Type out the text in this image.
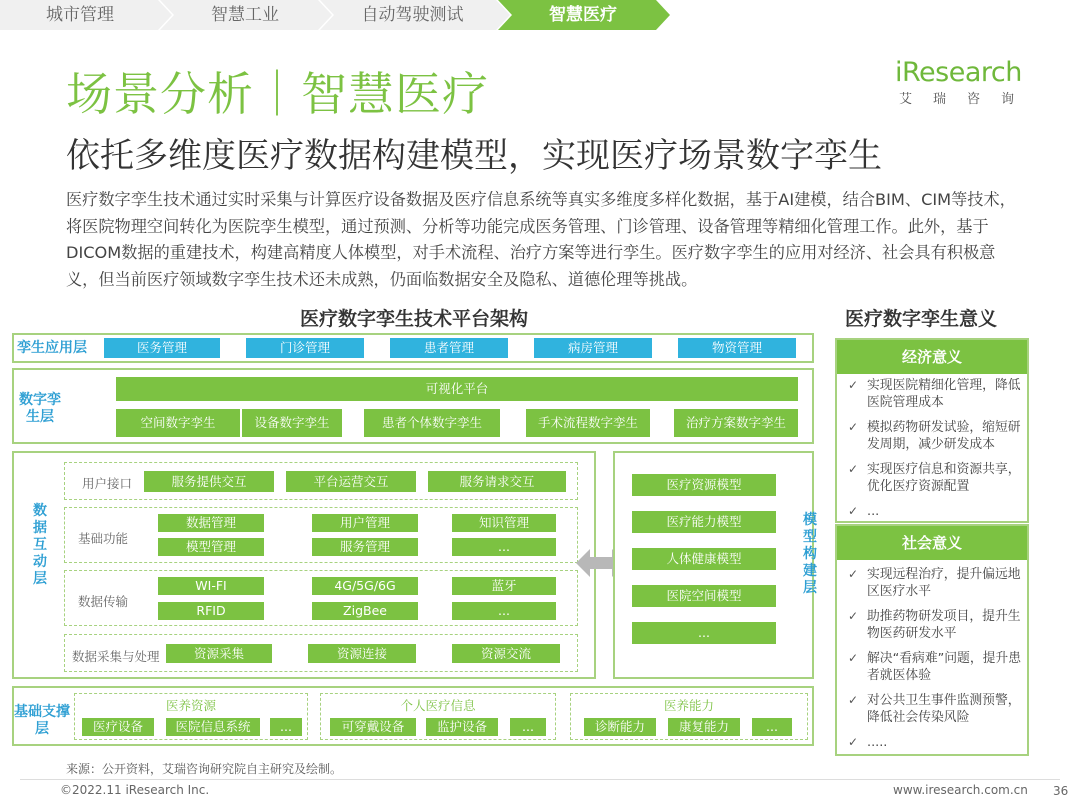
城市管理	智慧工业	自动驾驶测试	智慧医疗
场景分析｜智慧医疗
依托多维度医疗数据构建模型，实现医疗场景数字孪生
iResearch
艾瑞咨询
医疗数字孪生技术通过实时采集与计算医疗设备数据及医疗信息系统等真实多维度多样化数据，基于AI建模，结合BIM、CIM等技术，将医院物理空间转化为医院孪生模型，通过预测、分析等功能完成医务管理、门诊管理、设备管理等精细化管理工作。此外，基于DICOM数据的重建技术，构建高精度人体模型，对手术流程、治疗方案等进行孪生。医疗数字孪生的应用对经济、社会具有积极意义，但当前医疗领域数字孪生技术还未成熟，仍面临数据安全及隐私、道德伦理等挑战。
医疗数字孪生技术平台架构
孪生应用层	医务管理	门诊管理	患者管理	病房管理	物资管理
数字孪生层
可视化平台
空间数字孪生	设备数字孪生	患者个体数字孪生	手术流程数字孪生	治疗方案数字孪生
数据互动层
用户接口	服务提供交互	平台运营交互	服务请求交互
基础功能
数据管理	用户管理	知识管理
模型管理	服务管理	...
数据传输
WI-FI	4G/5G/6G	蓝牙
RFID	ZigBee	...
数据采集与处理	资源采集	资源连接	资源交流
模型构建层
医疗资源模型
医疗能力模型
人体健康模型
医院空间模型
...
基础支撑层
医养资源
医疗设备	医院信息系统	...
个人医疗信息
可穿戴设备	监护设备	...
医养能力
诊断能力	康复能力	...
医疗数字孪生意义
经济意义
✓ 实现医院精细化管理，降低医院管理成本
✓ 模拟药物研发试验，缩短研发周期，减少研发成本
✓ 实现医疗信息和资源共享，优化医疗资源配置
✓ ...
社会意义
✓ 实现远程治疗，提升偏远地区医疗水平
✓ 助推药物研发项目，提升生物医药研发水平
✓ 解决“看病难”问题，提升患者就医体验
✓ 对公共卫生事件监测预警，降低社会传染风险
✓ .....
来源：公开资料，艾瑞咨询研究院自主研究及绘制。
©2022.11 iResearch Inc.	www.iresearch.com.cn 36
